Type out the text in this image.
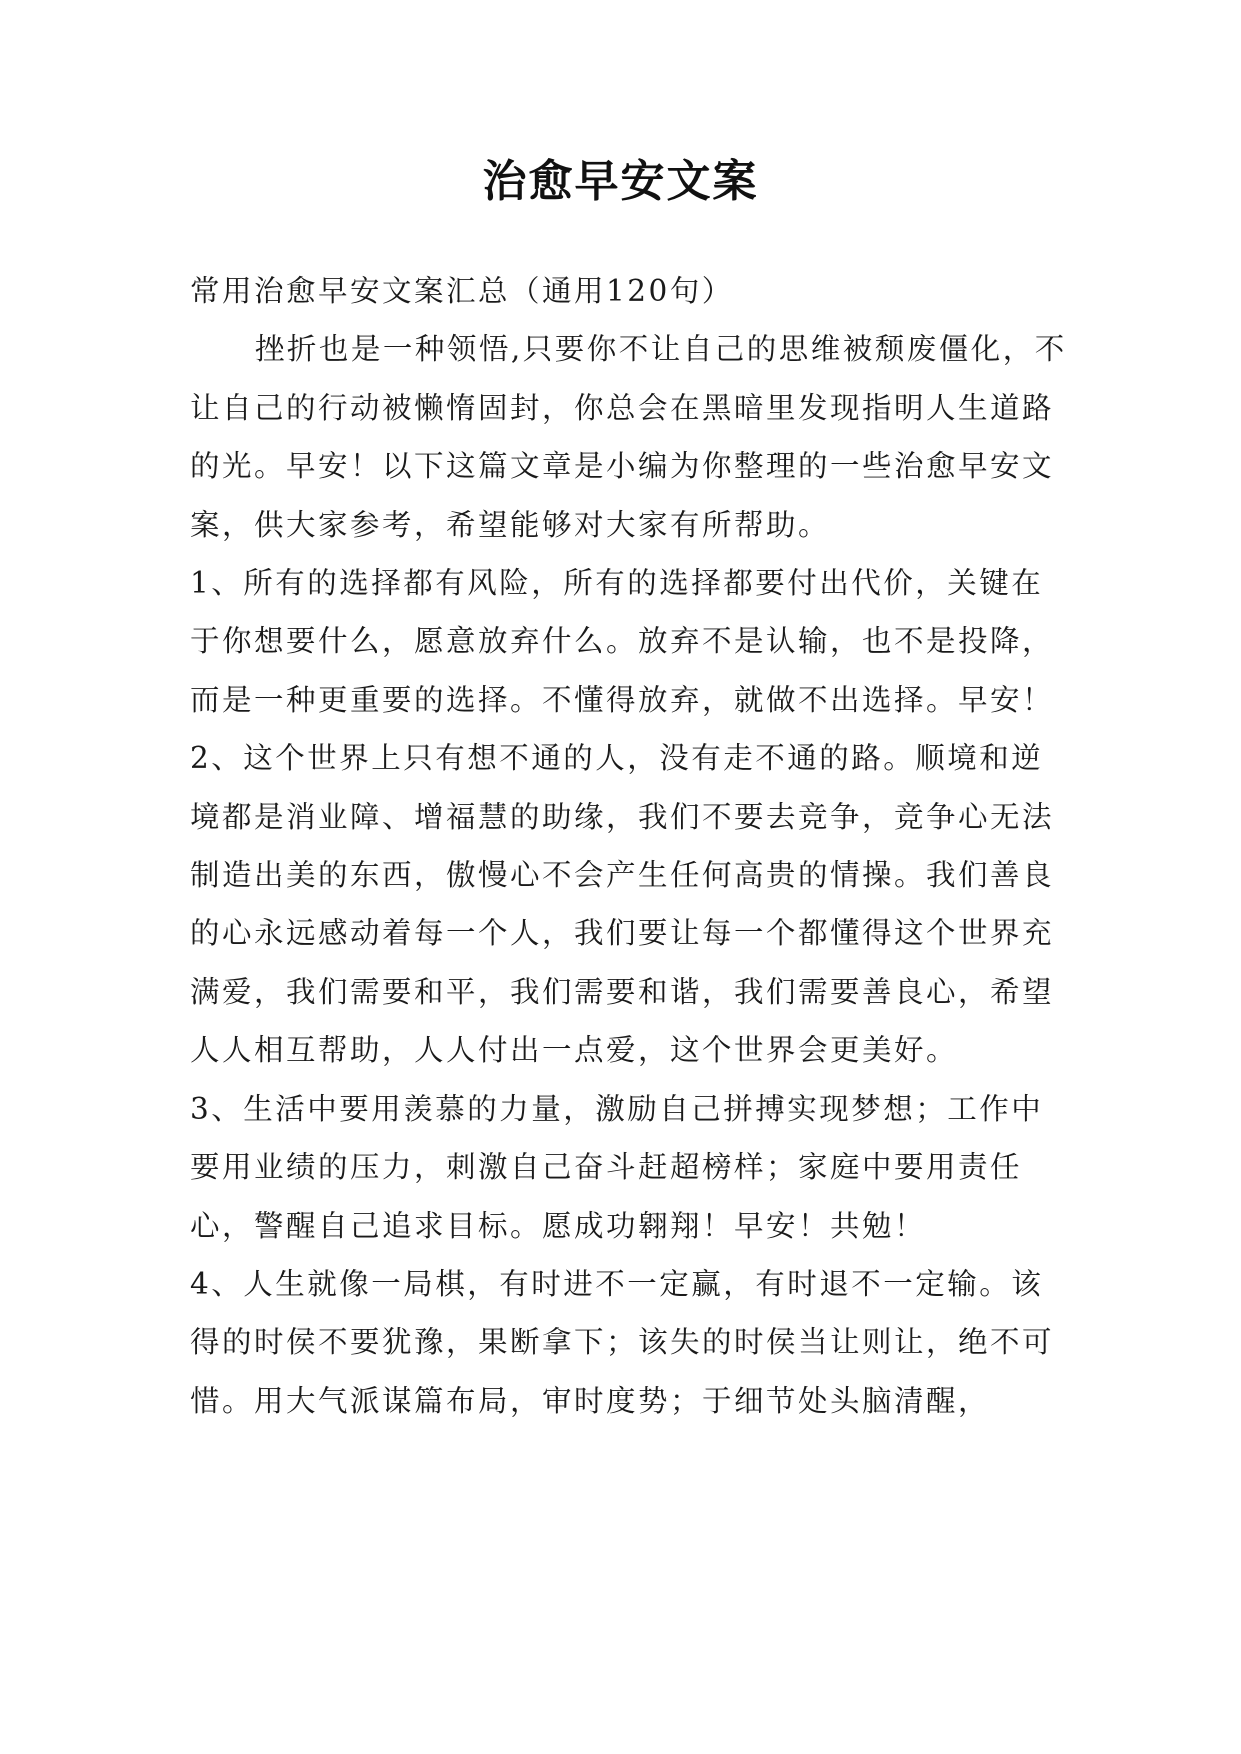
治愈早安文案

常用治愈早安文案汇总（通用120句）

挫折也是一种领悟,只要你不让自己的思维被颓废僵化，不让自己的行动被懒惰固封，你总会在黑暗里发现指明人生道路的光。早安！以下这篇文章是小编为你整理的一些治愈早安文案，供大家参考，希望能够对大家有所帮助。

1、所有的选择都有风险，所有的选择都要付出代价，关键在于你想要什么，愿意放弃什么。放弃不是认输，也不是投降，而是一种更重要的选择。不懂得放弃，就做不出选择。早安！

2、这个世界上只有想不通的人，没有走不通的路。顺境和逆境都是消业障、增福慧的助缘，我们不要去竞争，竞争心无法制造出美的东西，傲慢心不会产生任何高贵的情操。我们善良的心永远感动着每一个人，我们要让每一个都懂得这个世界充满爱，我们需要和平，我们需要和谐，我们需要善良心，希望人人相互帮助，人人付出一点爱，这个世界会更美好。

3、生活中要用羡慕的力量，激励自己拼搏实现梦想；工作中要用业绩的压力，刺激自己奋斗赶超榜样；家庭中要用责任心，警醒自己追求目标。愿成功翱翔！早安！共勉！

4、人生就像一局棋，有时进不一定赢，有时退不一定输。该得的时侯不要犹豫，果断拿下；该失的时侯当让则让，绝不可惜。用大气派谋篇布局，审时度势；于细节处头脑清醒，
